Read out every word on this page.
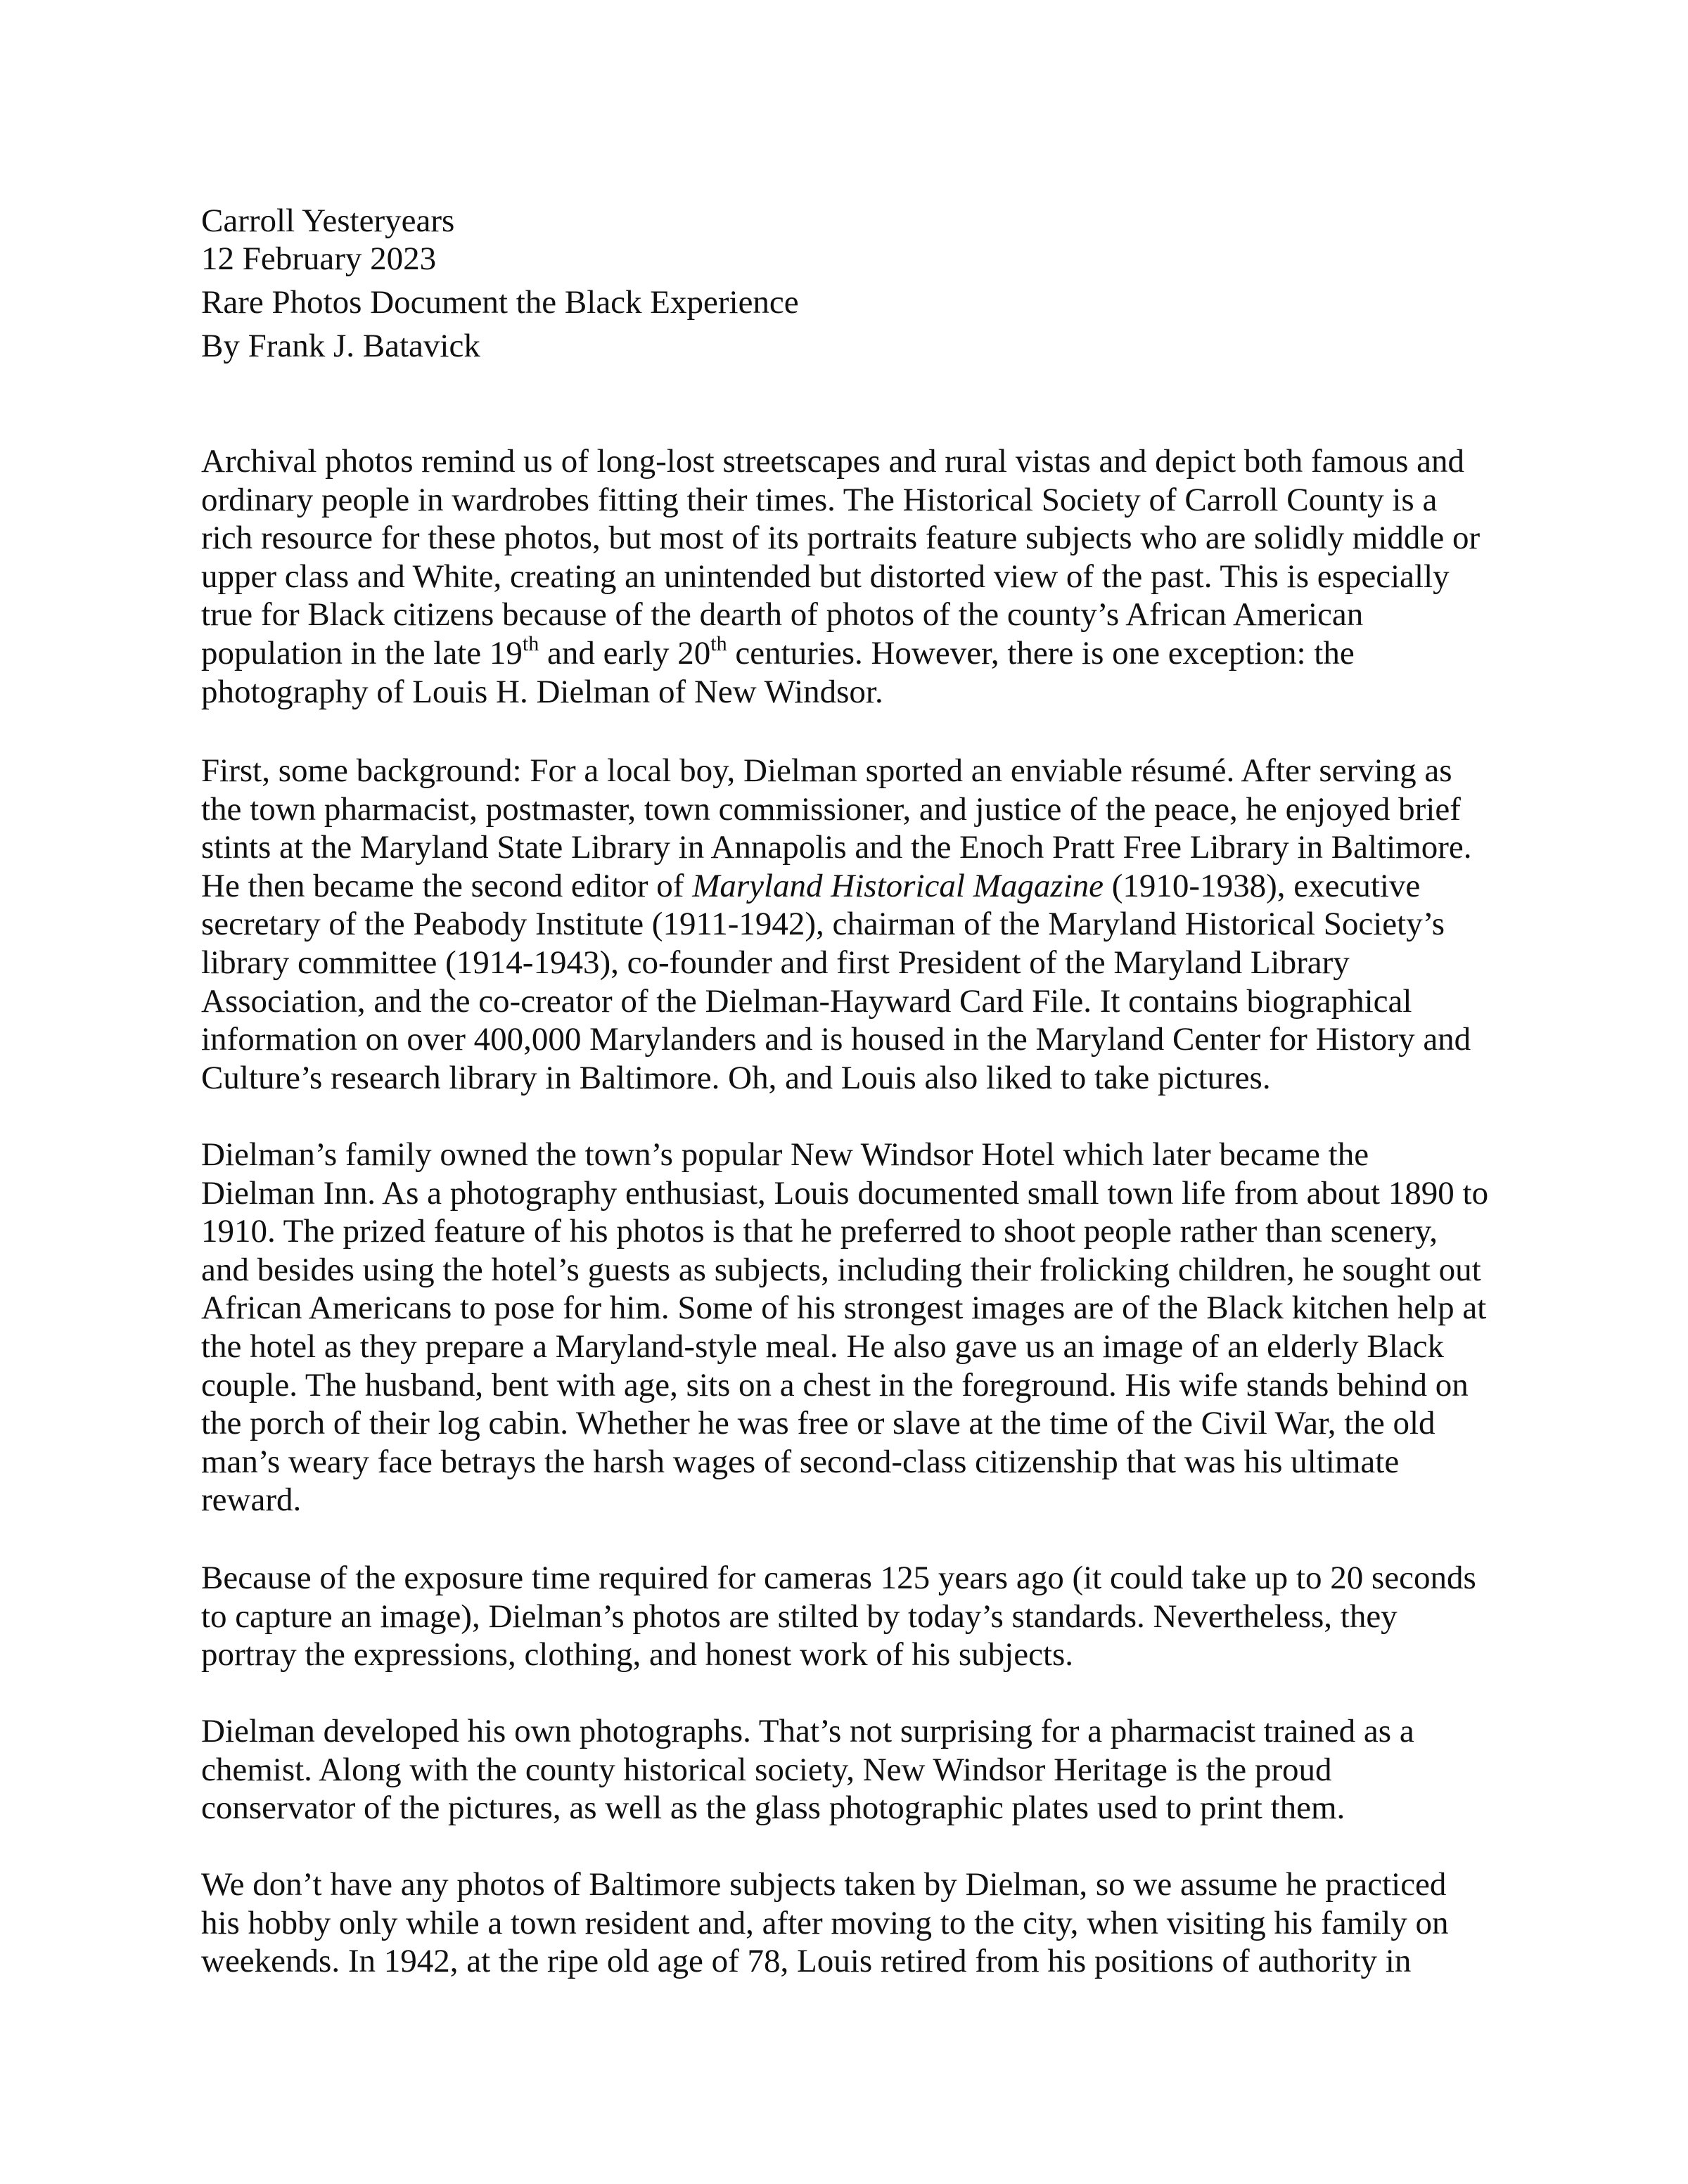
Carroll Yesteryears
12 February 2023
Rare Photos Document the Black Experience
By Frank J. Batavick
Archival photos remind us of long-lost streetscapes and rural vistas and depict both famous and
ordinary people in wardrobes fitting their times. The Historical Society of Carroll County is a
rich resource for these photos, but most of its portraits feature subjects who are solidly middle or
upper class and White, creating an unintended but distorted view of the past. This is especially
true for Black citizens because of the dearth of photos of the county’s African American
population in the late 19th and early 20th centuries. However, there is one exception: the
photography of Louis H. Dielman of New Windsor.
First, some background: For a local boy, Dielman sported an enviable résumé. After serving as
the town pharmacist, postmaster, town commissioner, and justice of the peace, he enjoyed brief
stints at the Maryland State Library in Annapolis and the Enoch Pratt Free Library in Baltimore.
He then became the second editor of Maryland Historical Magazine (1910-1938), executive
secretary of the Peabody Institute (1911-1942), chairman of the Maryland Historical Society’s
library committee (1914-1943), co-founder and first President of the Maryland Library
Association, and the co-creator of the Dielman-Hayward Card File. It contains biographical
information on over 400,000 Marylanders and is housed in the Maryland Center for History and
Culture’s research library in Baltimore. Oh, and Louis also liked to take pictures.
Dielman’s family owned the town’s popular New Windsor Hotel which later became the
Dielman Inn. As a photography enthusiast, Louis documented small town life from about 1890 to
1910. The prized feature of his photos is that he preferred to shoot people rather than scenery,
and besides using the hotel’s guests as subjects, including their frolicking children, he sought out
African Americans to pose for him. Some of his strongest images are of the Black kitchen help at
the hotel as they prepare a Maryland-style meal. He also gave us an image of an elderly Black
couple. The husband, bent with age, sits on a chest in the foreground. His wife stands behind on
the porch of their log cabin. Whether he was free or slave at the time of the Civil War, the old
man’s weary face betrays the harsh wages of second-class citizenship that was his ultimate
reward.
Because of the exposure time required for cameras 125 years ago (it could take up to 20 seconds
to capture an image), Dielman’s photos are stilted by today’s standards. Nevertheless, they
portray the expressions, clothing, and honest work of his subjects.
Dielman developed his own photographs. That’s not surprising for a pharmacist trained as a
chemist. Along with the county historical society, New Windsor Heritage is the proud
conservator of the pictures, as well as the glass photographic plates used to print them.
We don’t have any photos of Baltimore subjects taken by Dielman, so we assume he practiced
his hobby only while a town resident and, after moving to the city, when visiting his family on
weekends. In 1942, at the ripe old age of 78, Louis retired from his positions of authority in
